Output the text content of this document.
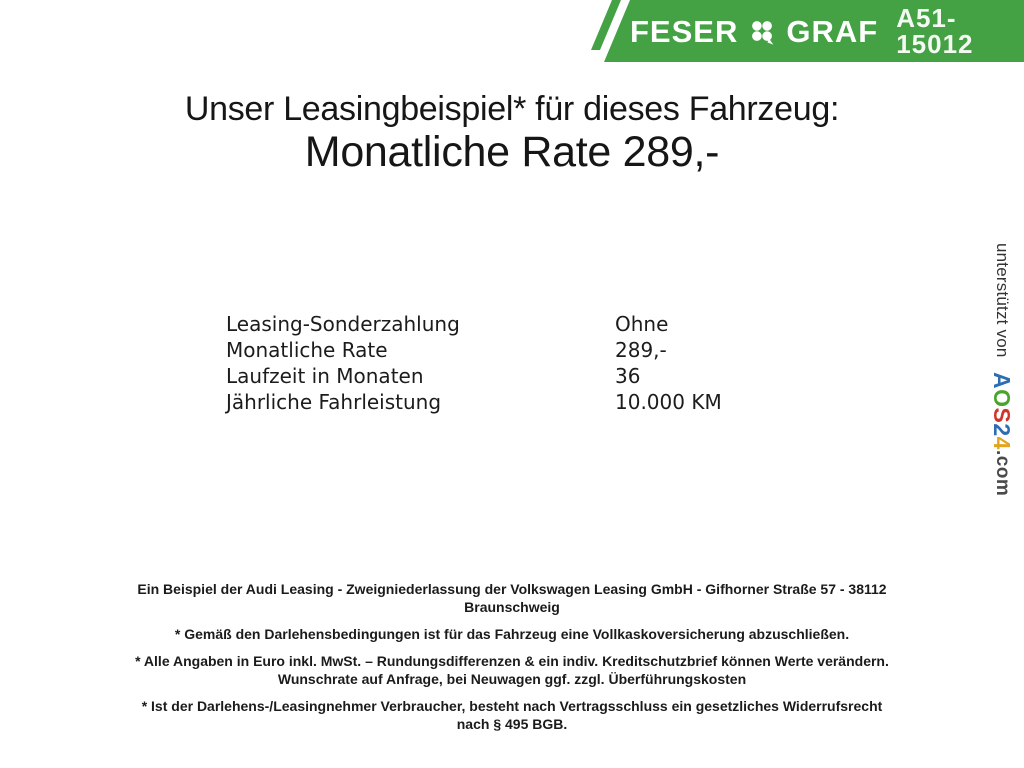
FESER GRAF A51-15012
Unser Leasingbeispiel* für dieses Fahrzeug:
Monatliche Rate 289,-
Leasing-Sonderzahlung	Ohne
Monatliche Rate	289,-
Laufzeit in Monaten	36
Jährliche Fahrleistung	10.000 KM
unterstützt von AOS24.com

Ein Beispiel der Audi Leasing - Zweigniederlassung der Volkswagen Leasing GmbH - Gifhorner Straße 57 - 38112
Braunschweig

* Gemäß den Darlehensbedingungen ist für das Fahrzeug eine Vollkaskoversicherung abzuschließen.

* Alle Angaben in Euro inkl. MwSt. – Rundungsdifferenzen & ein indiv. Kreditschutzbrief können Werte verändern.
Wunschrate auf Anfrage, bei Neuwagen ggf. zzgl. Überführungskosten

* Ist der Darlehens-/Leasingnehmer Verbraucher, besteht nach Vertragsschluss ein gesetzliches Widerrufsrecht
nach § 495 BGB.
